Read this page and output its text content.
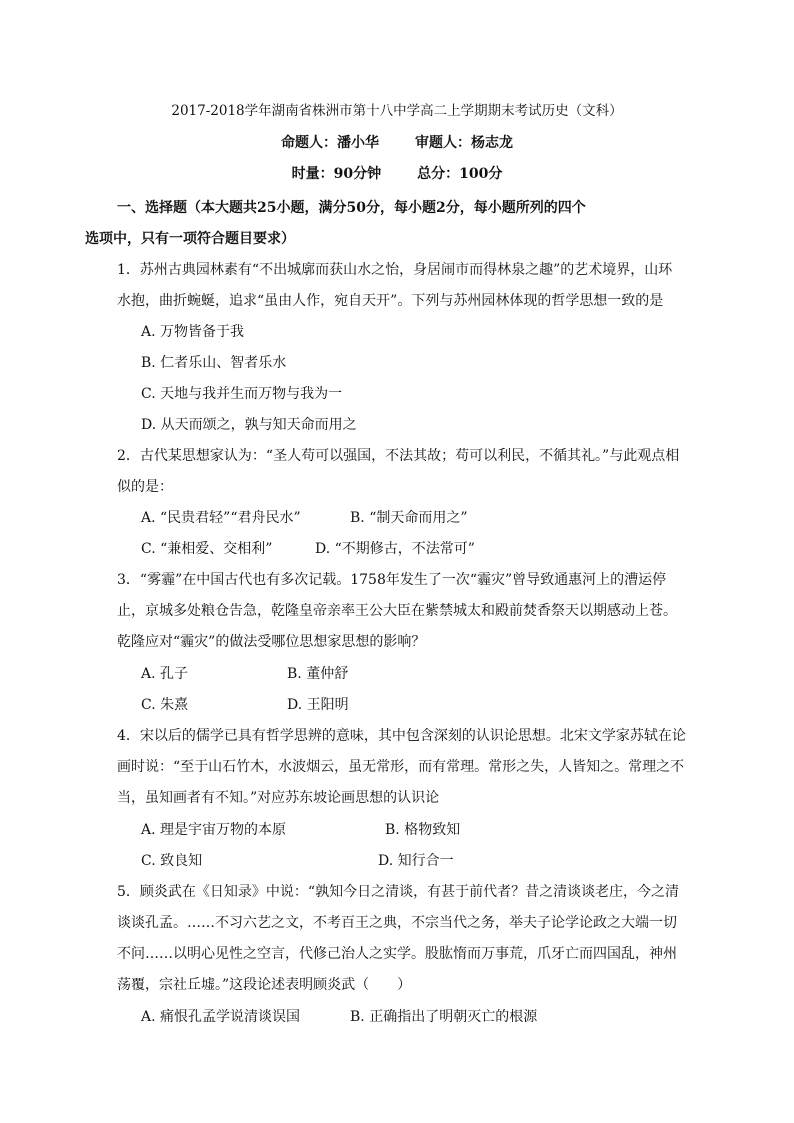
2017-2018学年湖南省株洲市第十八中学高二上学期期末考试历史（文科）
命题人：潘小华	审题人：杨志龙
时量：90分钟	总分：100分
一、选择题（本大题共25小题，满分50分，每小题2分，每小题所列的四个
选项中，只有一项符合题目要求）
1．苏州古典园林素有“不出城廓而获山水之怡，身居闹市而得林泉之趣”的艺术境界，山环
水抱，曲折蜿蜒，追求“虽由人作，宛自天开”。下列与苏州园林体现的哲学思想一致的是
A. 万物皆备于我
B. 仁者乐山、智者乐水
C. 天地与我并生而万物与我为一
D. 从天而颂之，孰与知天命而用之
2．古代某思想家认为：“圣人苟可以强国，不法其故；苟可以利民，不循其礼。”与此观点相
似的是：
A. “民贵君轻”“君舟民水”	B. “制天命而用之”
C. “兼相爱、交相利”	D. “不期修古，不法常可”
3．“雾霾”在中国古代也有多次记载。1758年发生了一次“霾灾”曾导致通惠河上的漕运停
止，京城多处粮仓告急，乾隆皇帝亲率王公大臣在紫禁城太和殿前焚香祭天以期感动上苍。
乾隆应对“霾灾”的做法受哪位思想家思想的影响？
A. 孔子	B. 董仲舒
C. 朱熹	D. 王阳明
4．宋以后的儒学已具有哲学思辨的意味，其中包含深刻的认识论思想。北宋文学家苏轼在论
画时说：“至于山石竹木，水波烟云，虽无常形，而有常理。常形之失，人皆知之。常理之不
当，虽知画者有不知。”对应苏东坡论画思想的认识论
A. 理是宇宙万物的本原	B. 格物致知
C. 致良知	D. 知行合一
5．顾炎武在《日知录》中说：“孰知今日之清谈，有甚于前代者？昔之清谈谈老庄，今之清
谈谈孔孟。……不习六艺之文，不考百王之典，不宗当代之务，举夫子论学论政之大端一切
不问……以明心见性之空言，代修己治人之实学。股肱惰而万事荒，爪牙亡而四国乱，神州
荡覆，宗社丘墟。”这段论述表明顾炎武（　　）
A. 痛恨孔孟学说清谈误国	B. 正确指出了明朝灭亡的根源
